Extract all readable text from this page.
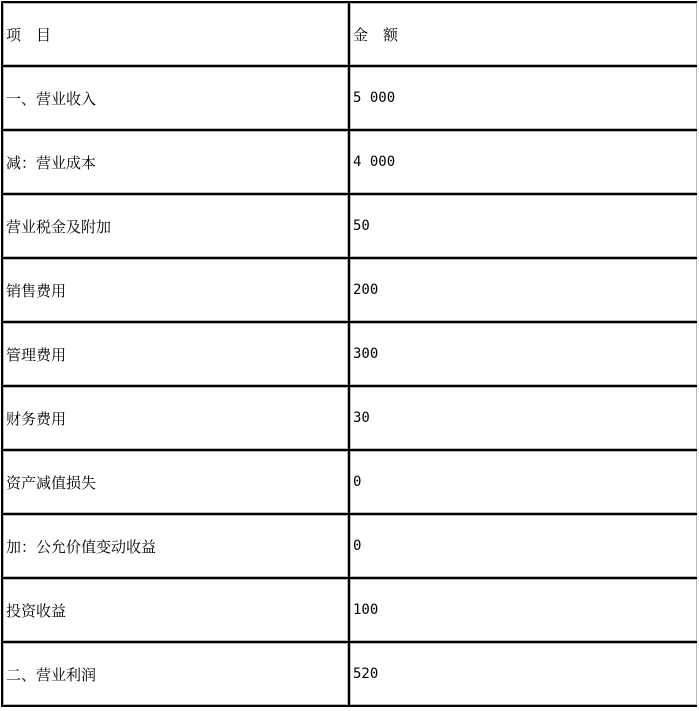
项　目	金　额
一、营业收入	5 000
减：营业成本	4 000
营业税金及附加	50
销售费用	200
管理费用	300
财务费用	30
资产减值损失	0
加：公允价值变动收益	0
投资收益	100
二、营业利润	520
